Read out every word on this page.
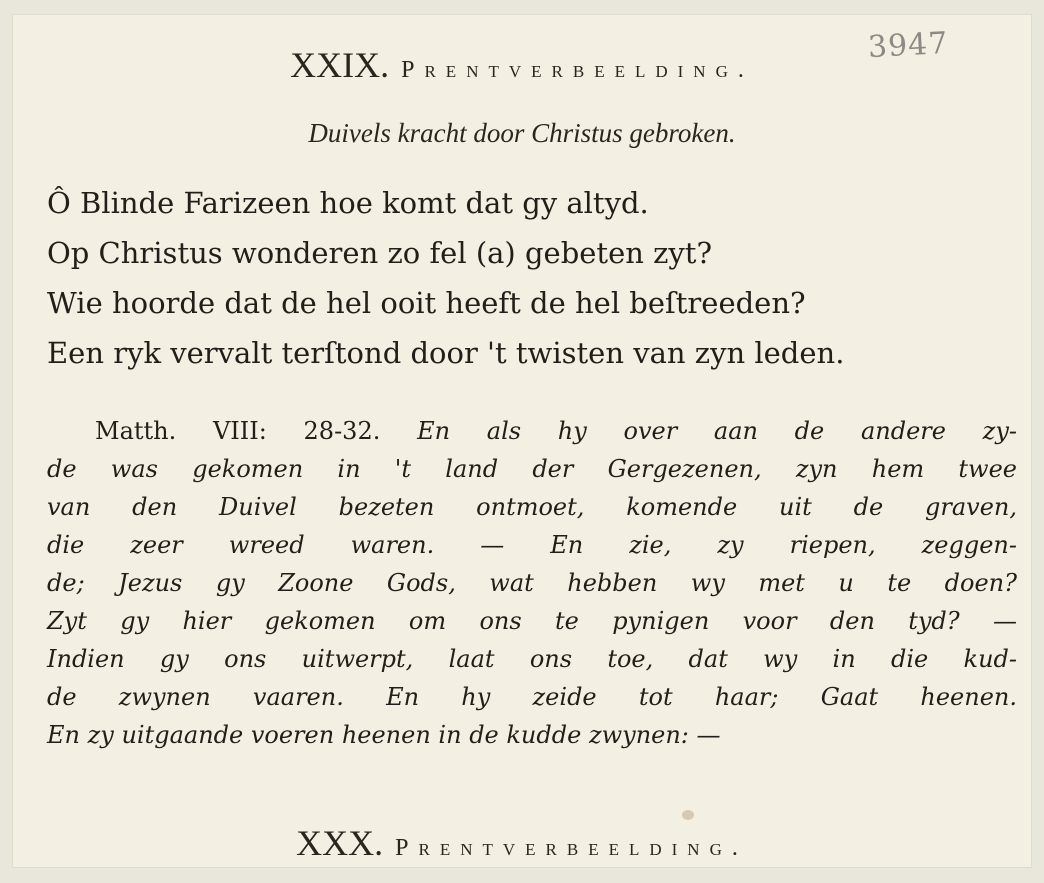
3947
XXIX. Prentverbeelding.
Duivels kracht door Christus gebroken.
Ô Blinde Farizeen hoe komt dat gy altyd.
Op Christus wonderen zo fel (a) gebeten zyt?
Wie hoorde dat de hel ooit heeft de hel beſtreeden?
Een ryk vervalt terſtond door 't twisten van zyn leden.
Matth. VIII: 28-32. En als hy over aan de andere zy-
de was gekomen in 't land der Gergezenen, zyn hem twee
van den Duivel bezeten ontmoet, komende uit de graven,
die zeer wreed waren. — En zie, zy riepen, zeggen-
de; Jezus gy Zoone Gods, wat hebben wy met u te doen?
Zyt gy hier gekomen om ons te pynigen voor den tyd? —
Indien gy ons uitwerpt, laat ons toe, dat wy in die kud-
de zwynen vaaren. En hy zeide tot haar; Gaat heenen.
En zy uitgaande voeren heenen in de kudde zwynen: —
XXX. Prentverbeelding.
